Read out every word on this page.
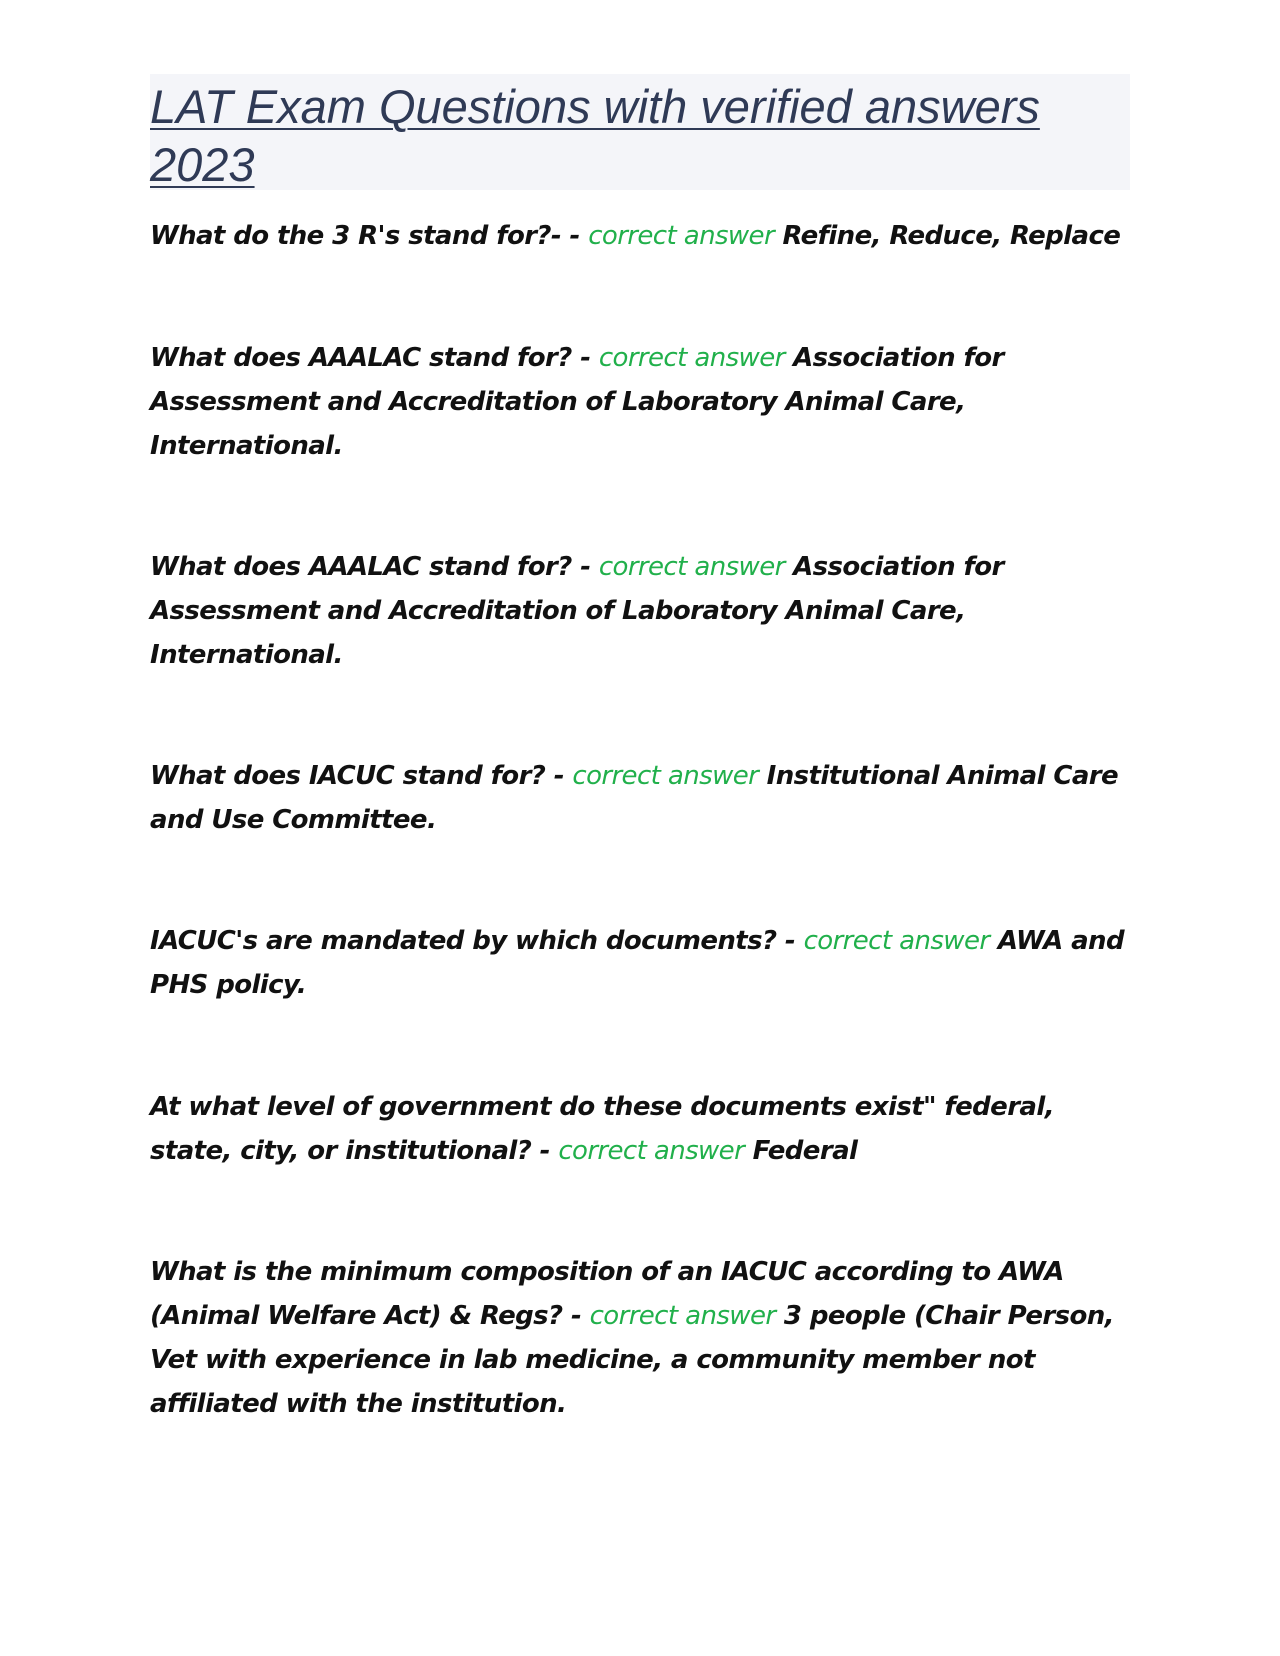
LAT Exam Questions with verified answers 2023

What do the 3 R's stand for?- - correct answer Refine, Reduce, Replace

What does AAALAC stand for? - correct answer Association for Assessment and Accreditation of Laboratory Animal Care, International.

What does AAALAC stand for? - correct answer Association for Assessment and Accreditation of Laboratory Animal Care, International.

What does IACUC stand for? - correct answer Institutional Animal Care and Use Committee.

IACUC's are mandated by which documents? - correct answer AWA and PHS policy.

At what level of government do these documents exist" federal, state, city, or institutional? - correct answer Federal

What is the minimum composition of an IACUC according to AWA (Animal Welfare Act) & Regs? - correct answer 3 people (Chair Person, Vet with experience in lab medicine, a community member not affiliated with the institution.
